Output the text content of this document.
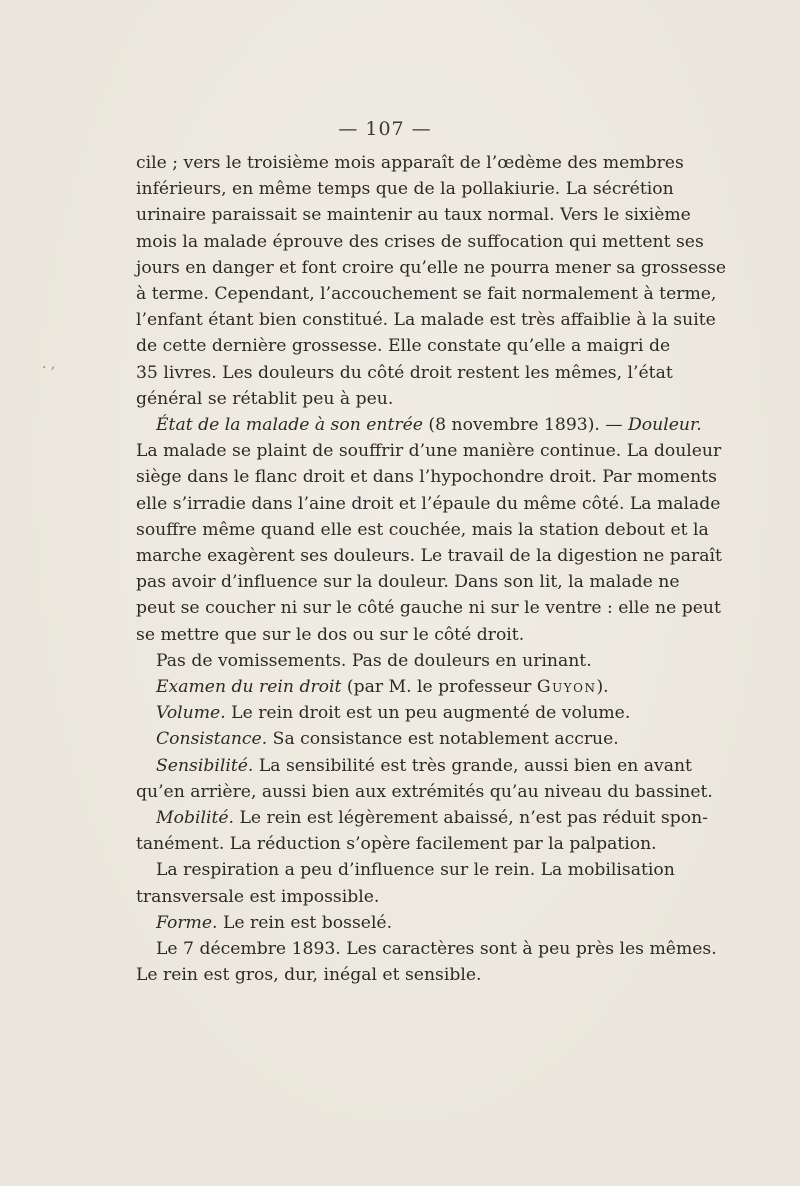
— 107 —
. ,
cile ; vers le troisième mois apparaît de l’œdème des membres
inférieurs, en même temps que de la pollakiurie. La sécrétion
urinaire paraissait se maintenir au taux normal. Vers le sixième
mois la malade éprouve des crises de suffocation qui mettent ses
jours en danger et font croire qu’elle ne pourra mener sa grossesse
à terme. Cependant, l’accouchement se fait normalement à terme,
l’enfant étant bien constitué. La malade est très affaiblie à la suite
de cette dernière grossesse. Elle constate qu’elle a maigri de
35 livres. Les douleurs du côté droit restent les mêmes, l’état
général se rétablit peu à peu.
État de la malade à son entrée (8 novembre 1893). — Douleur.
La malade se plaint de souffrir d’une manière continue. La douleur
siège dans le flanc droit et dans l’hypochondre droit. Par moments
elle s’irradie dans l’aine droit et l’épaule du même côté. La malade
souffre même quand elle est couchée, mais la station debout et la
marche exagèrent ses douleurs. Le travail de la digestion ne paraît
pas avoir d’influence sur la douleur. Dans son lit, la malade ne
peut se coucher ni sur le côté gauche ni sur le ventre : elle ne peut
se mettre que sur le dos ou sur le côté droit.
Pas de vomissements. Pas de douleurs en urinant.
Examen du rein droit (par M. le professeur Guyon).
Volume. Le rein droit est un peu augmenté de volume.
Consistance. Sa consistance est notablement accrue.
Sensibilité. La sensibilité est très grande, aussi bien en avant
qu’en arrière, aussi bien aux extrémités qu’au niveau du bassinet.
Mobilité. Le rein est légèrement abaissé, n’est pas réduit spon-
tanément. La réduction s’opère facilement par la palpation.
La respiration a peu d’influence sur le rein. La mobilisation
transversale est impossible.
Forme. Le rein est bosselé.
Le 7 décembre 1893. Les caractères sont à peu près les mêmes.
Le rein est gros, dur, inégal et sensible.
